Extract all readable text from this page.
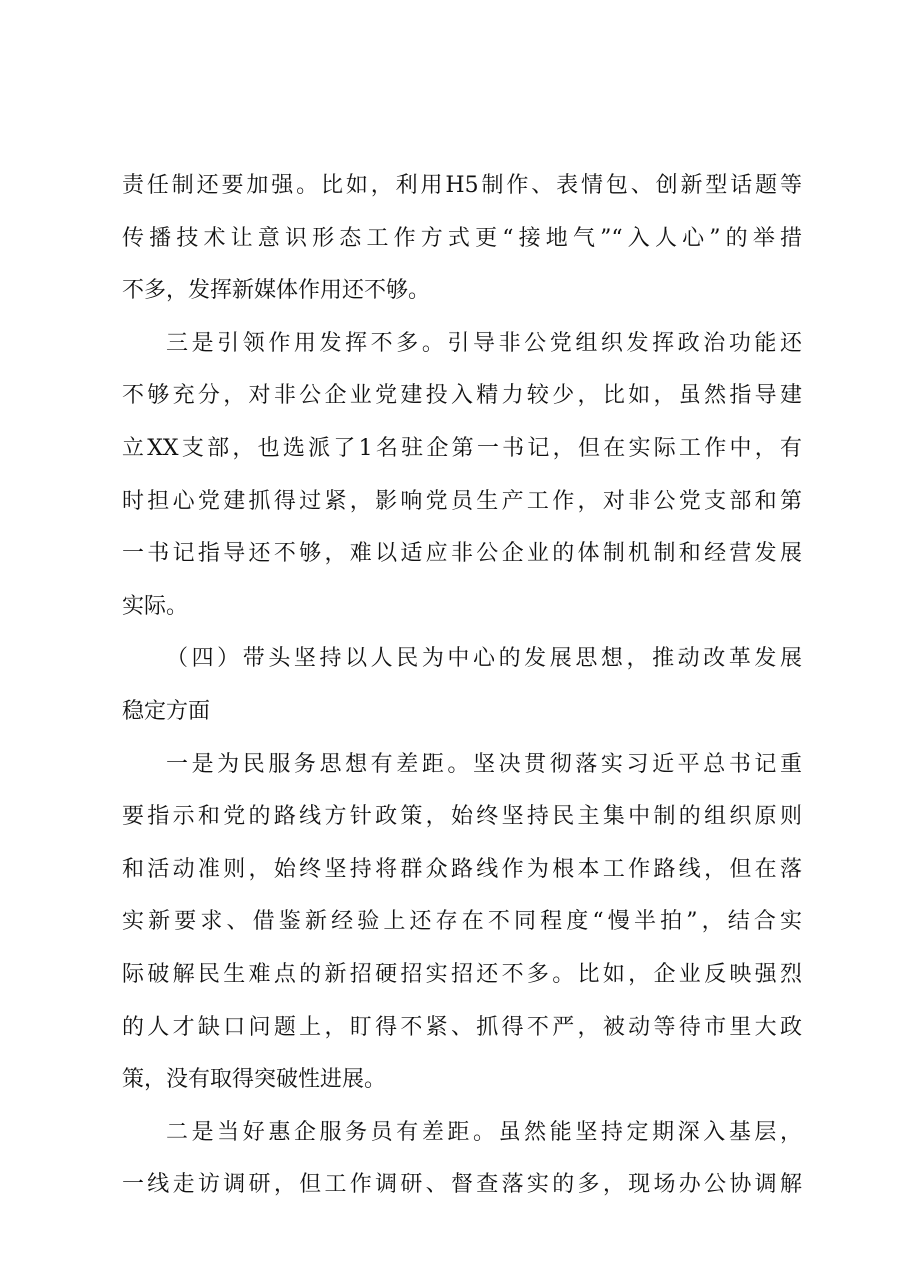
责任制还要加强。比如，利用H5制作、表情包、创新型话题等
传播技术让意识形态工作方式更“接地气”“入人心”的举措
不多，发挥新媒体作用还不够。
三是引领作用发挥不多。引导非公党组织发挥政治功能还
不够充分，对非公企业党建投入精力较少，比如，虽然指导建
立XX支部，也选派了1名驻企第一书记，但在实际工作中，有
时担心党建抓得过紧，影响党员生产工作，对非公党支部和第
一书记指导还不够，难以适应非公企业的体制机制和经营发展
实际。
（四）带头坚持以人民为中心的发展思想，推动改革发展
稳定方面
一是为民服务思想有差距。坚决贯彻落实习近平总书记重
要指示和党的路线方针政策，始终坚持民主集中制的组织原则
和活动准则，始终坚持将群众路线作为根本工作路线，但在落
实新要求、借鉴新经验上还存在不同程度“慢半拍”，结合实
际破解民生难点的新招硬招实招还不多。比如，企业反映强烈
的人才缺口问题上，盯得不紧、抓得不严，被动等待市里大政
策，没有取得突破性进展。
二是当好惠企服务员有差距。虽然能坚持定期深入基层，
一线走访调研，但工作调研、督查落实的多，现场办公协调解
